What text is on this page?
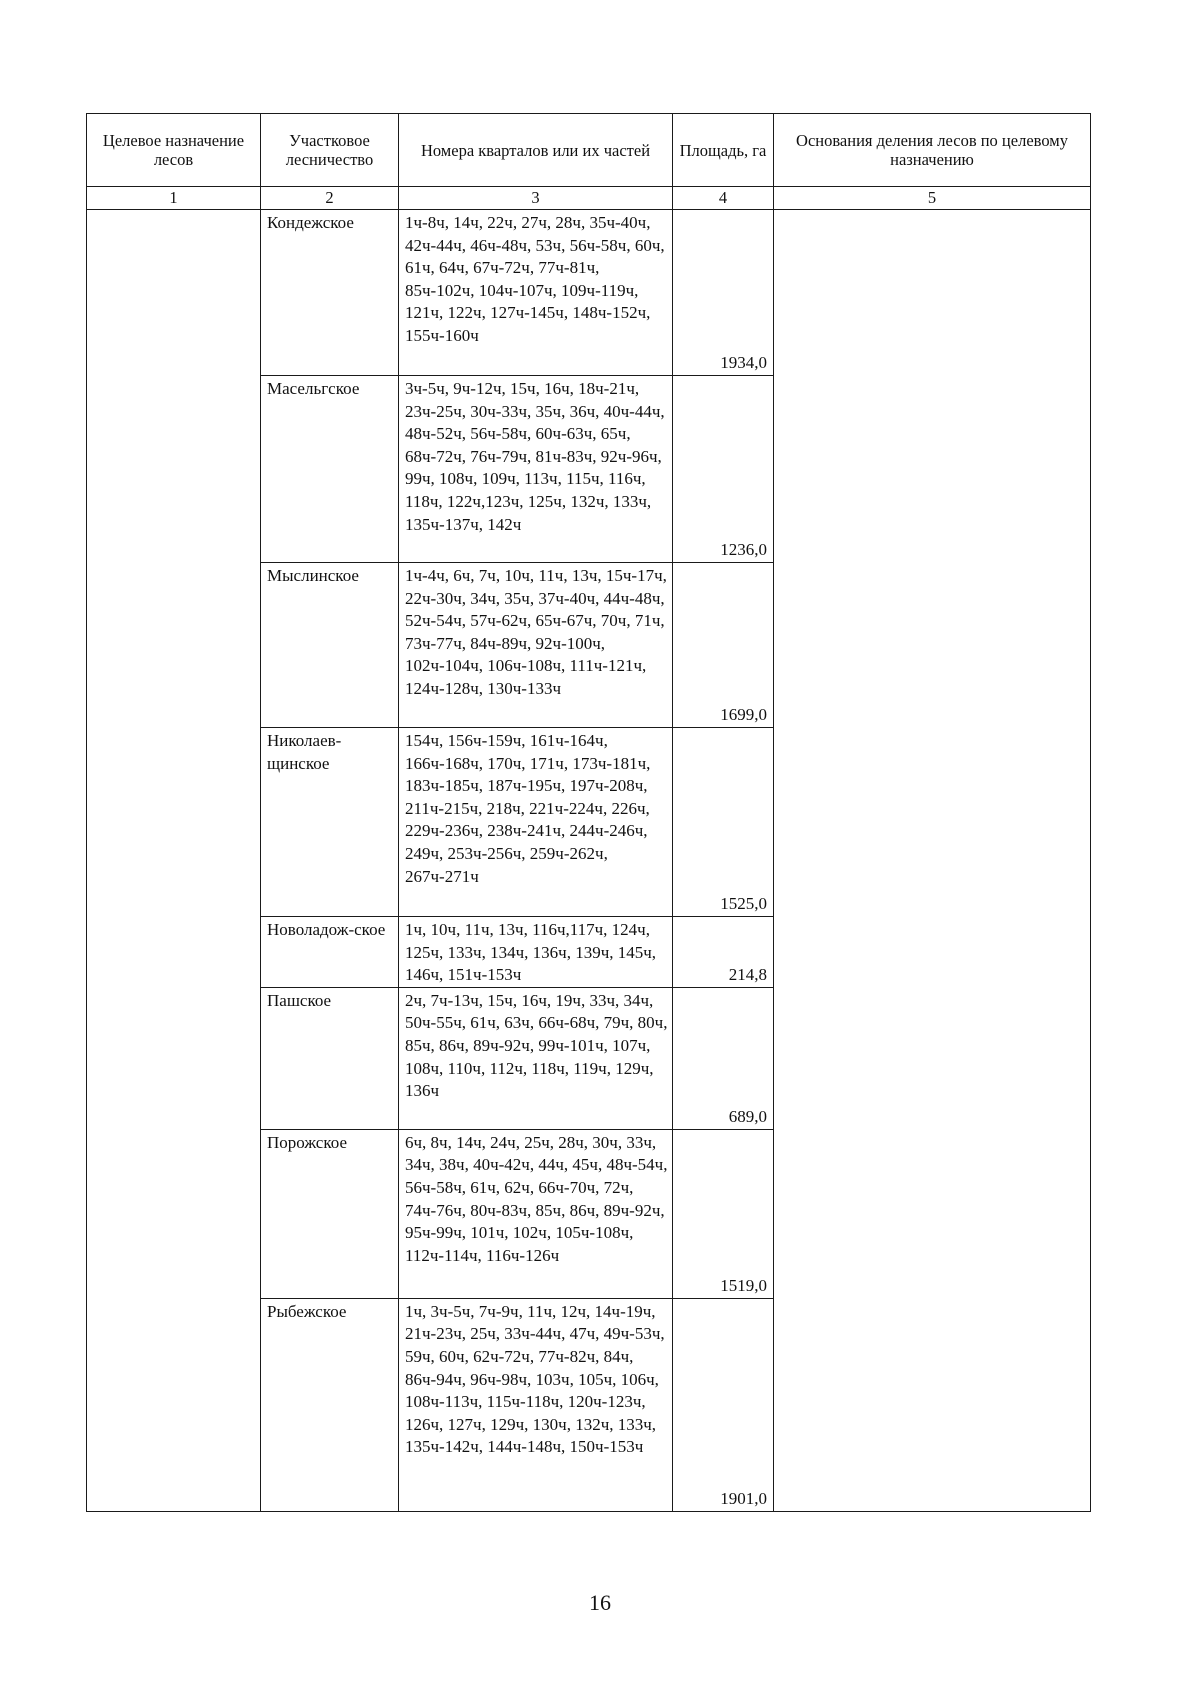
Целевое назначение лесов	Участковое лесничество	Номера кварталов или их частей	Площадь, га	Основания деления лесов по целевому назначению
1	2	3	4	5
	Кондежское	1ч-8ч, 14ч, 22ч, 27ч, 28ч, 35ч-40ч, 42ч-44ч, 46ч-48ч, 53ч, 56ч-58ч, 60ч, 61ч, 64ч, 67ч-72ч, 77ч-81ч, 85ч-102ч, 104ч-107ч, 109ч-119ч, 121ч, 122ч, 127ч-145ч, 148ч-152ч, 155ч-160ч	1934,0	
	Масельгское	3ч-5ч, 9ч-12ч, 15ч, 16ч, 18ч-21ч, 23ч-25ч, 30ч-33ч, 35ч, 36ч, 40ч-44ч, 48ч-52ч, 56ч-58ч, 60ч-63ч, 65ч, 68ч-72ч, 76ч-79ч, 81ч-83ч, 92ч-96ч, 99ч, 108ч, 109ч, 113ч, 115ч, 116ч, 118ч, 122ч,123ч, 125ч, 132ч, 133ч, 135ч-137ч, 142ч	1236,0	
	Мыслинское	1ч-4ч, 6ч, 7ч, 10ч, 11ч, 13ч, 15ч-17ч, 22ч-30ч, 34ч, 35ч, 37ч-40ч, 44ч-48ч, 52ч-54ч, 57ч-62ч, 65ч-67ч, 70ч, 71ч, 73ч-77ч, 84ч-89ч, 92ч-100ч, 102ч-104ч, 106ч-108ч, 111ч-121ч, 124ч-128ч, 130ч-133ч	1699,0	
	Николаев-щинское	154ч, 156ч-159ч, 161ч-164ч, 166ч-168ч, 170ч, 171ч, 173ч-181ч, 183ч-185ч, 187ч-195ч, 197ч-208ч, 211ч-215ч, 218ч, 221ч-224ч, 226ч, 229ч-236ч, 238ч-241ч, 244ч-246ч, 249ч, 253ч-256ч, 259ч-262ч, 267ч-271ч	1525,0	
	Новоладож-ское	1ч, 10ч, 11ч, 13ч, 116ч,117ч, 124ч, 125ч, 133ч, 134ч, 136ч, 139ч, 145ч, 146ч, 151ч-153ч	214,8	
	Пашское	2ч, 7ч-13ч, 15ч, 16ч, 19ч, 33ч, 34ч, 50ч-55ч, 61ч, 63ч, 66ч-68ч, 79ч, 80ч, 85ч, 86ч, 89ч-92ч, 99ч-101ч, 107ч, 108ч, 110ч, 112ч, 118ч, 119ч, 129ч, 136ч	689,0	
	Порожское	6ч, 8ч, 14ч, 24ч, 25ч, 28ч, 30ч, 33ч, 34ч, 38ч, 40ч-42ч, 44ч, 45ч, 48ч-54ч, 56ч-58ч, 61ч, 62ч, 66ч-70ч, 72ч, 74ч-76ч, 80ч-83ч, 85ч, 86ч, 89ч-92ч, 95ч-99ч, 101ч, 102ч, 105ч-108ч, 112ч-114ч, 116ч-126ч	1519,0	
	Рыбежское	1ч, 3ч-5ч, 7ч-9ч, 11ч, 12ч, 14ч-19ч, 21ч-23ч, 25ч, 33ч-44ч, 47ч, 49ч-53ч, 59ч, 60ч, 62ч-72ч, 77ч-82ч, 84ч, 86ч-94ч, 96ч-98ч, 103ч, 105ч, 106ч, 108ч-113ч, 115ч-118ч, 120ч-123ч, 126ч, 127ч, 129ч, 130ч, 132ч, 133ч, 135ч-142ч, 144ч-148ч, 150ч-153ч	1901,0	
16
